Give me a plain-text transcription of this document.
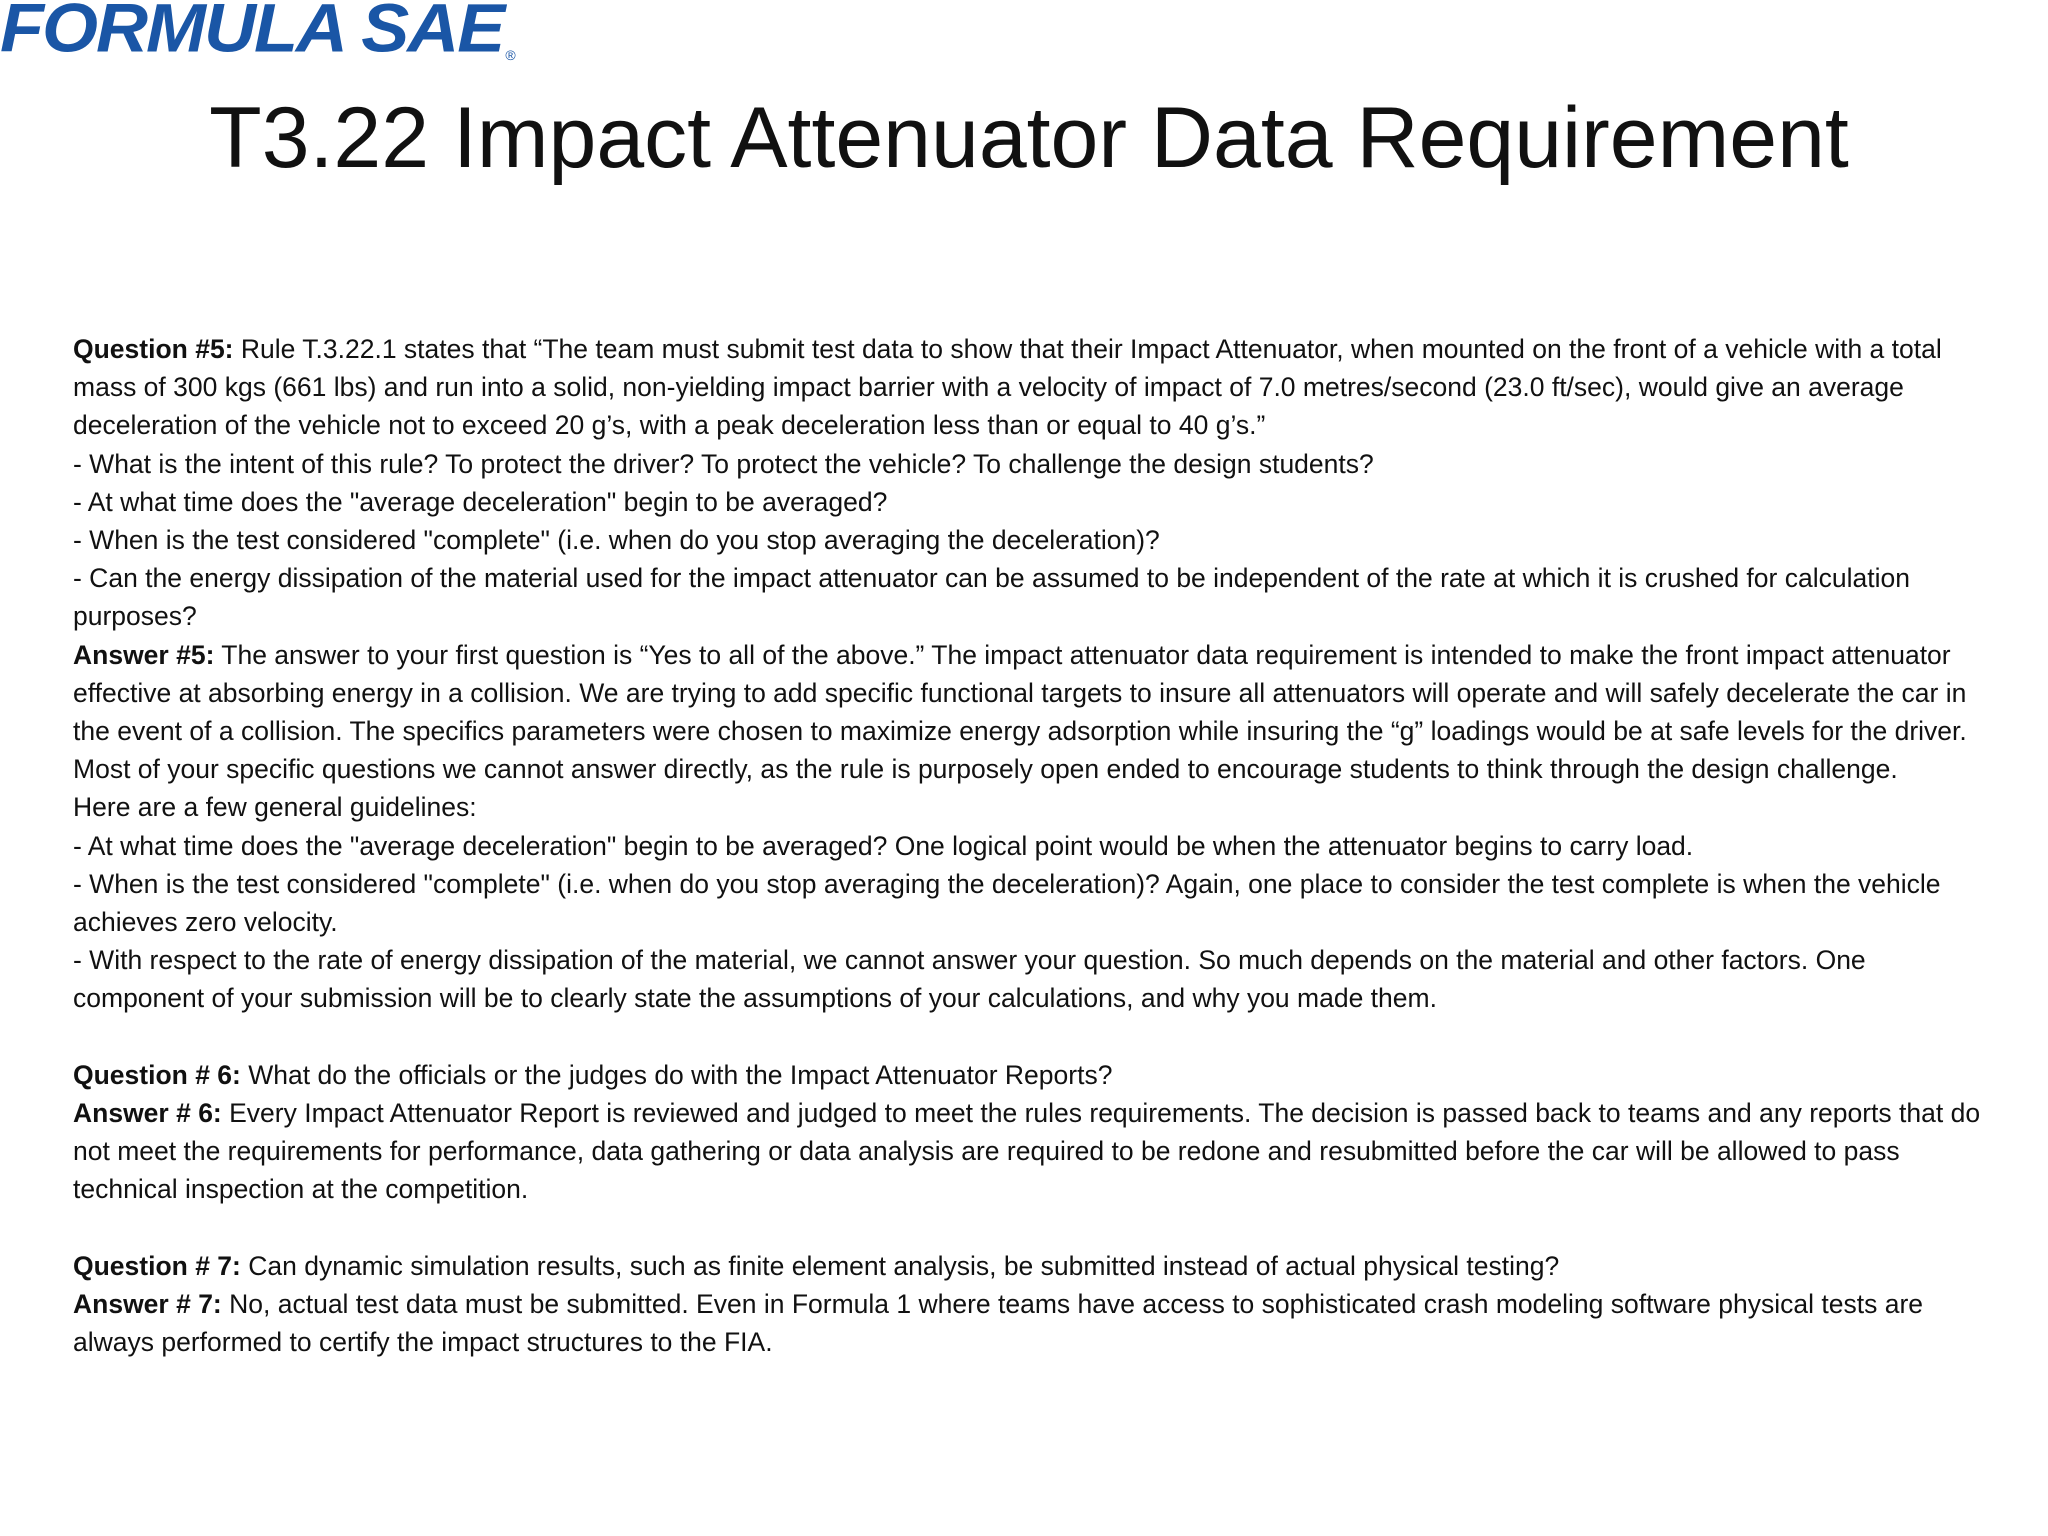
FORMULA SAE ®
T3.22 Impact Attenuator Data Requirement

Question #5: Rule T.3.22.1 states that “The team must submit test data to show that their Impact Attenuator, when mounted on the front of a vehicle with a total mass of 300 kgs (661 lbs) and run into a solid, non-yielding impact barrier with a velocity of impact of 7.0 metres/second (23.0 ft/sec), would give an average deceleration of the vehicle not to exceed 20 g’s, with a peak deceleration less than or equal to 40 g’s.”

- What is the intent of this rule? To protect the driver? To protect the vehicle? To challenge the design students?

- At what time does the "average deceleration" begin to be averaged?

- When is the test considered "complete" (i.e. when do you stop averaging the deceleration)?

- Can the energy dissipation of the material used for the impact attenuator can be assumed to be independent of the rate at which it is crushed for calculation purposes?

Answer #5: The answer to your first question is “Yes to all of the above.” The impact attenuator data requirement is intended to make the front impact attenuator effective at absorbing energy in a collision. We are trying to add specific functional targets to insure all attenuators will operate and will safely decelerate the car in the event of a collision. The specifics parameters were chosen to maximize energy adsorption while insuring the “g” loadings would be at safe levels for the driver. Most of your specific questions we cannot answer directly, as the rule is purposely open ended to encourage students to think through the design challenge.

Here are a few general guidelines:

- At what time does the "average deceleration" begin to be averaged? One logical point would be when the attenuator begins to carry load.

- When is the test considered "complete" (i.e. when do you stop averaging the deceleration)? Again, one place to consider the test complete is when the vehicle achieves zero velocity.

- With respect to the rate of energy dissipation of the material, we cannot answer your question. So much depends on the material and other factors. One component of your submission will be to clearly state the assumptions of your calculations, and why you made them.

Question # 6: What do the officials or the judges do with the Impact Attenuator Reports?

Answer # 6: Every Impact Attenuator Report is reviewed and judged to meet the rules requirements. The decision is passed back to teams and any reports that do not meet the requirements for performance, data gathering or data analysis are required to be redone and resubmitted before the car will be allowed to pass technical inspection at the competition.

Question # 7: Can dynamic simulation results, such as finite element analysis, be submitted instead of actual physical testing?

Answer # 7: No, actual test data must be submitted. Even in Formula 1 where teams have access to sophisticated crash modeling software physical tests are always performed to certify the impact structures to the FIA.
